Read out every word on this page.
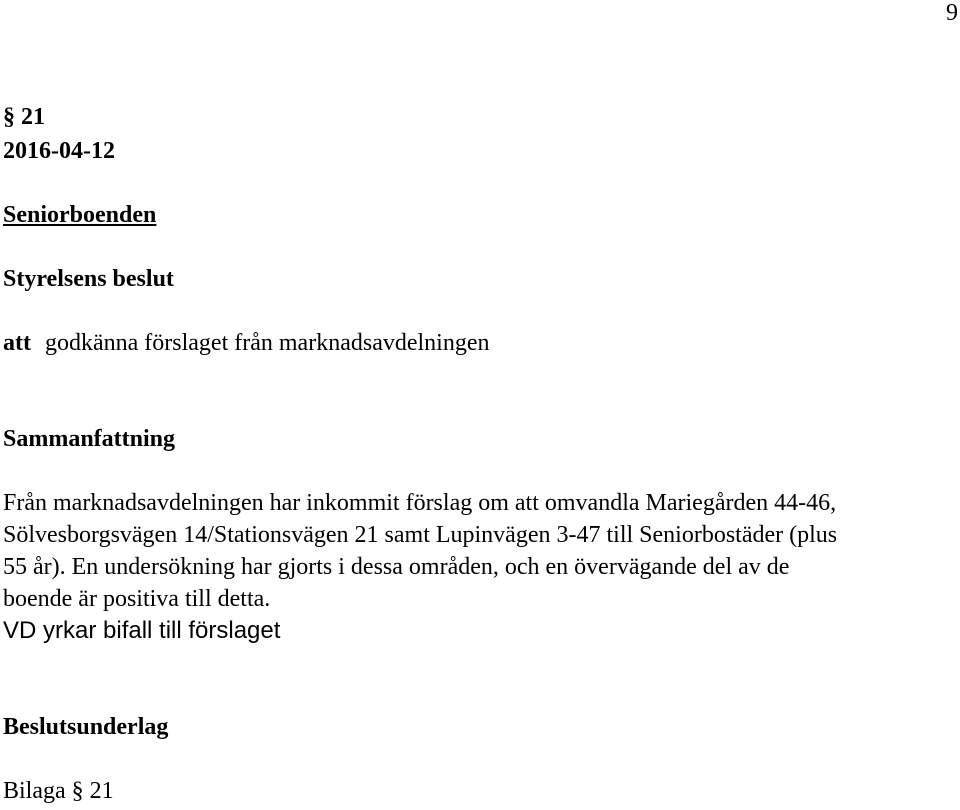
9
§ 21
2016-04-12
Seniorboenden
Styrelsens beslut
att godkänna förslaget från marknadsavdelningen
Sammanfattning
Från marknadsavdelningen har inkommit förslag om att omvandla Mariegården 44-46,
Sölvesborgsvägen 14/Stationsvägen 21 samt Lupinvägen 3-47 till Seniorbostäder (plus
55 år). En undersökning har gjorts i dessa områden, och en övervägande del av de
boende är positiva till detta.
VD yrkar bifall till förslaget
Beslutsunderlag
Bilaga § 21
